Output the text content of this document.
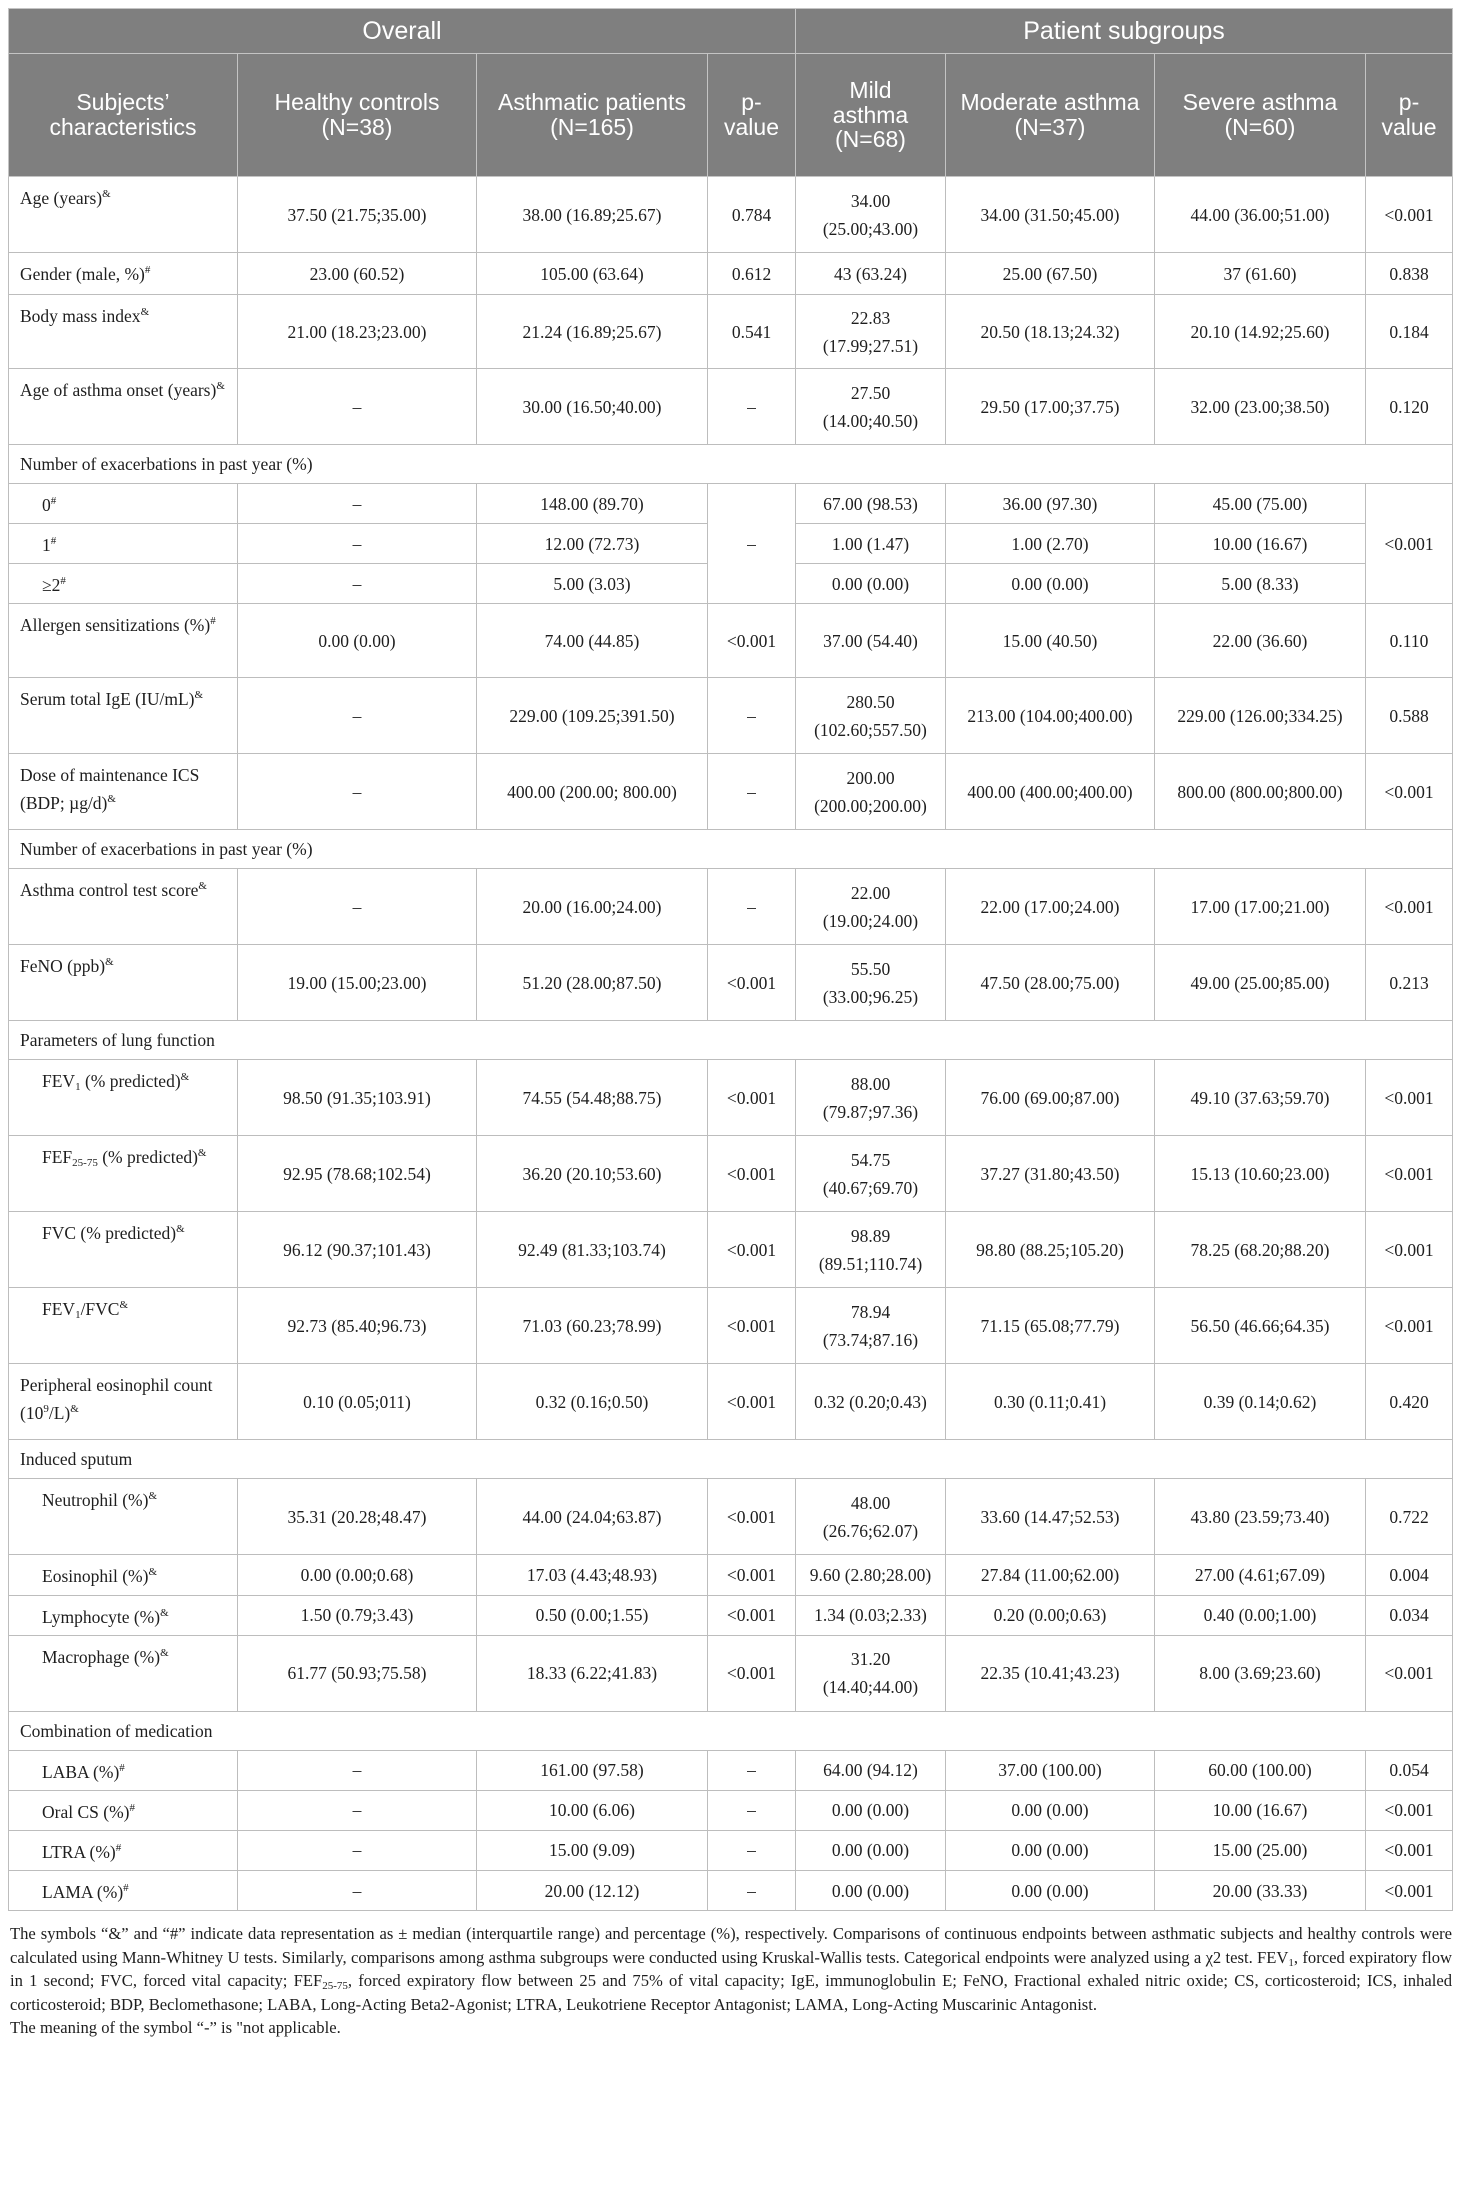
Overall				Patient subgroups			
Subjects’ characteristics	Healthy controls (N=38)	Asthmatic patients (N=165)	p-value	Mild asthma (N=68)	Moderate asthma (N=37)	Severe asthma (N=60)	p-value
Age (years)&	37.50 (21.75;35.00)	38.00 (16.89;25.67)	0.784	34.00 (25.00;43.00)	34.00 (31.50;45.00)	44.00 (36.00;51.00)	<0.001
Gender (male, %)#	23.00 (60.52)	105.00 (63.64)	0.612	43 (63.24)	25.00 (67.50)	37 (61.60)	0.838
Body mass index&	21.00 (18.23;23.00)	21.24 (16.89;25.67)	0.541	22.83 (17.99;27.51)	20.50 (18.13;24.32)	20.10 (14.92;25.60)	0.184
Age of asthma onset (years)&	–	30.00 (16.50;40.00)	–	27.50 (14.00;40.50)	29.50 (17.00;37.75)	32.00 (23.00;38.50)	0.120
Number of exacerbations in past year (%)							
0#	–	148.00 (89.70)	–	67.00 (98.53)	36.00 (97.30)	45.00 (75.00)	<0.001
1#	–	12.00 (72.73)		1.00 (1.47)	1.00 (2.70)	10.00 (16.67)	
≥2#	–	5.00 (3.03)		0.00 (0.00)	0.00 (0.00)	5.00 (8.33)	
Allergen sensitizations (%)#	0.00 (0.00)	74.00 (44.85)	<0.001	37.00 (54.40)	15.00 (40.50)	22.00 (36.60)	0.110
Serum total IgE (IU/mL)&	–	229.00 (109.25;391.50)	–	280.50 (102.60;557.50)	213.00 (104.00;400.00)	229.00 (126.00;334.25)	0.588
Dose of maintenance ICS (BDP; µg/d)&	–	400.00 (200.00; 800.00)	–	200.00 (200.00;200.00)	400.00 (400.00;400.00)	800.00 (800.00;800.00)	<0.001
Number of exacerbations in past year (%)							
Asthma control test score&	–	20.00 (16.00;24.00)	–	22.00 (19.00;24.00)	22.00 (17.00;24.00)	17.00 (17.00;21.00)	<0.001
FeNO (ppb)&	19.00 (15.00;23.00)	51.20 (28.00;87.50)	<0.001	55.50 (33.00;96.25)	47.50 (28.00;75.00)	49.00 (25.00;85.00)	0.213
Parameters of lung function							
$FEV_1$ (% predicted)&	98.50 (91.35;103.91)	74.55 (54.48;88.75)	<0.001	88.00 (79.87;97.36)	76.00 (69.00;87.00)	49.10 (37.63;59.70)	<0.001
$FEF_{25-75}$ (% predicted)&	92.95 (78.68;102.54)	36.20 (20.10;53.60)	<0.001	54.75 (40.67;69.70)	37.27 (31.80;43.50)	15.13 (10.60;23.00)	<0.001
FVC (% predicted)&	96.12 (90.37;101.43)	92.49 (81.33;103.74)	<0.001	98.89 (89.51;110.74)	98.80 (88.25;105.20)	78.25 (68.20;88.20)	<0.001
$FEV_1/FVC^{\&}$	92.73 (85.40;96.73)	71.03 (60.23;78.99)	<0.001	78.94 (73.74;87.16)	71.15 (65.08;77.79)	56.50 (46.66;64.35)	<0.001
Peripheral eosinophil count $(10^9/L)^{\&}$	0.10 (0.05;011)	0.32 (0.16;0.50)	<0.001	0.32 (0.20;0.43)	0.30 (0.11;0.41)	0.39 (0.14;0.62)	0.420
Induced sputum							
Neutrophil (%)&	35.31 (20.28;48.47)	44.00 (24.04;63.87)	<0.001	48.00 (26.76;62.07)	33.60 (14.47;52.53)	43.80 (23.59;73.40)	0.722
Eosinophil (%)&	0.00 (0.00;0.68)	17.03 (4.43;48.93)	<0.001	9.60 (2.80;28.00)	27.84 (11.00;62.00)	27.00 (4.61;67.09)	0.004
Lymphocyte (%)&	1.50 (0.79;3.43)	0.50 (0.00;1.55)	<0.001	1.34 (0.03;2.33)	0.20 (0.00;0.63)	0.40 (0.00;1.00)	0.034
Macrophage (%)&	61.77 (50.93;75.58)	18.33 (6.22;41.83)	<0.001	31.20 (14.40;44.00)	22.35 (10.41;43.23)	8.00 (3.69;23.60)	<0.001
Combination of medication							
LABA (%)#	–	161.00 (97.58)	–	64.00 (94.12)	37.00 (100.00)	60.00 (100.00)	0.054
Oral CS (%)#	–	10.00 (6.06)	–	0.00 (0.00)	0.00 (0.00)	10.00 (16.67)	<0.001
LTRA (%)#	–	15.00 (9.09)	–	0.00 (0.00)	0.00 (0.00)	15.00 (25.00)	<0.001
LAMA (%)#	–	20.00 (12.12)	–	0.00 (0.00)	0.00 (0.00)	20.00 (33.33)	<0.001

The symbols “&” and “#” indicate data representation as ± median (interquartile range) and percentage (%), respectively. Comparisons of continuous endpoints between asthmatic subjects and healthy controls were calculated using Mann-Whitney U tests. Similarly, comparisons among asthma subgroups were conducted using Kruskal-Wallis tests. Categorical endpoints were analyzed using a χ2 test. $FEV_1$, forced expiratory flow in 1 second; FVC, forced vital capacity; $FEF_{25-75}$, forced expiratory flow between 25 and 75% of vital capacity; IgE, immunoglobulin E; FeNO, Fractional exhaled nitric oxide; CS, corticosteroid; ICS, inhaled corticosteroid; BDP, Beclomethasone; LABA, Long-Acting Beta2-Agonist; LTRA, Leukotriene Receptor Antagonist; LAMA, Long-Acting Muscarinic Antagonist.

The meaning of the symbol “-” is "not applicable.
